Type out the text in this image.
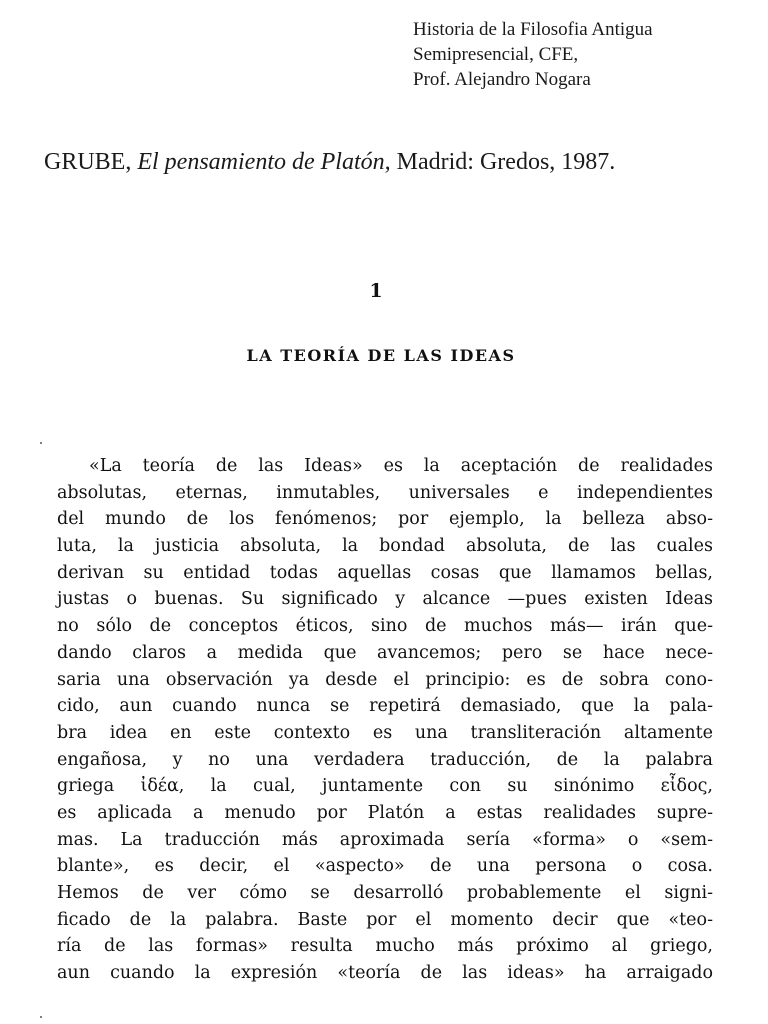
Historia de la Filosofia Antigua
Semipresencial, CFE,
Prof. Alejandro Nogara
GRUBE, El pensamiento de Platón, Madrid: Gredos, 1987.
1
LA TEORÍA DE LAS IDEAS
«La teoría de las Ideas» es la aceptación de realidades
absolutas, eternas, inmutables, universales e independientes
del mundo de los fenómenos; por ejemplo, la belleza abso-
luta, la justicia absoluta, la bondad absoluta, de las cuales
derivan su entidad todas aquellas cosas que llamamos bellas,
justas o buenas. Su significado y alcance —pues existen Ideas
no sólo de conceptos éticos, sino de muchos más— irán que-
dando claros a medida que avancemos; pero se hace nece-
saria una observación ya desde el principio: es de sobra cono-
cido, aun cuando nunca se repetirá demasiado, que la pala-
bra idea en este contexto es una transliteración altamente
engañosa, y no una verdadera traducción, de la palabra
griega ἰδέα, la cual, juntamente con su sinónimo εἶδος,
es aplicada a menudo por Platón a estas realidades supre-
mas. La traducción más aproximada sería «forma» o «sem-
blante», es decir, el «aspecto» de una persona o cosa.
Hemos de ver cómo se desarrolló probablemente el signi-
ficado de la palabra. Baste por el momento decir que «teo-
ría de las formas» resulta mucho más próximo al griego,
aun cuando la expresión «teoría de las ideas» ha arraigado
